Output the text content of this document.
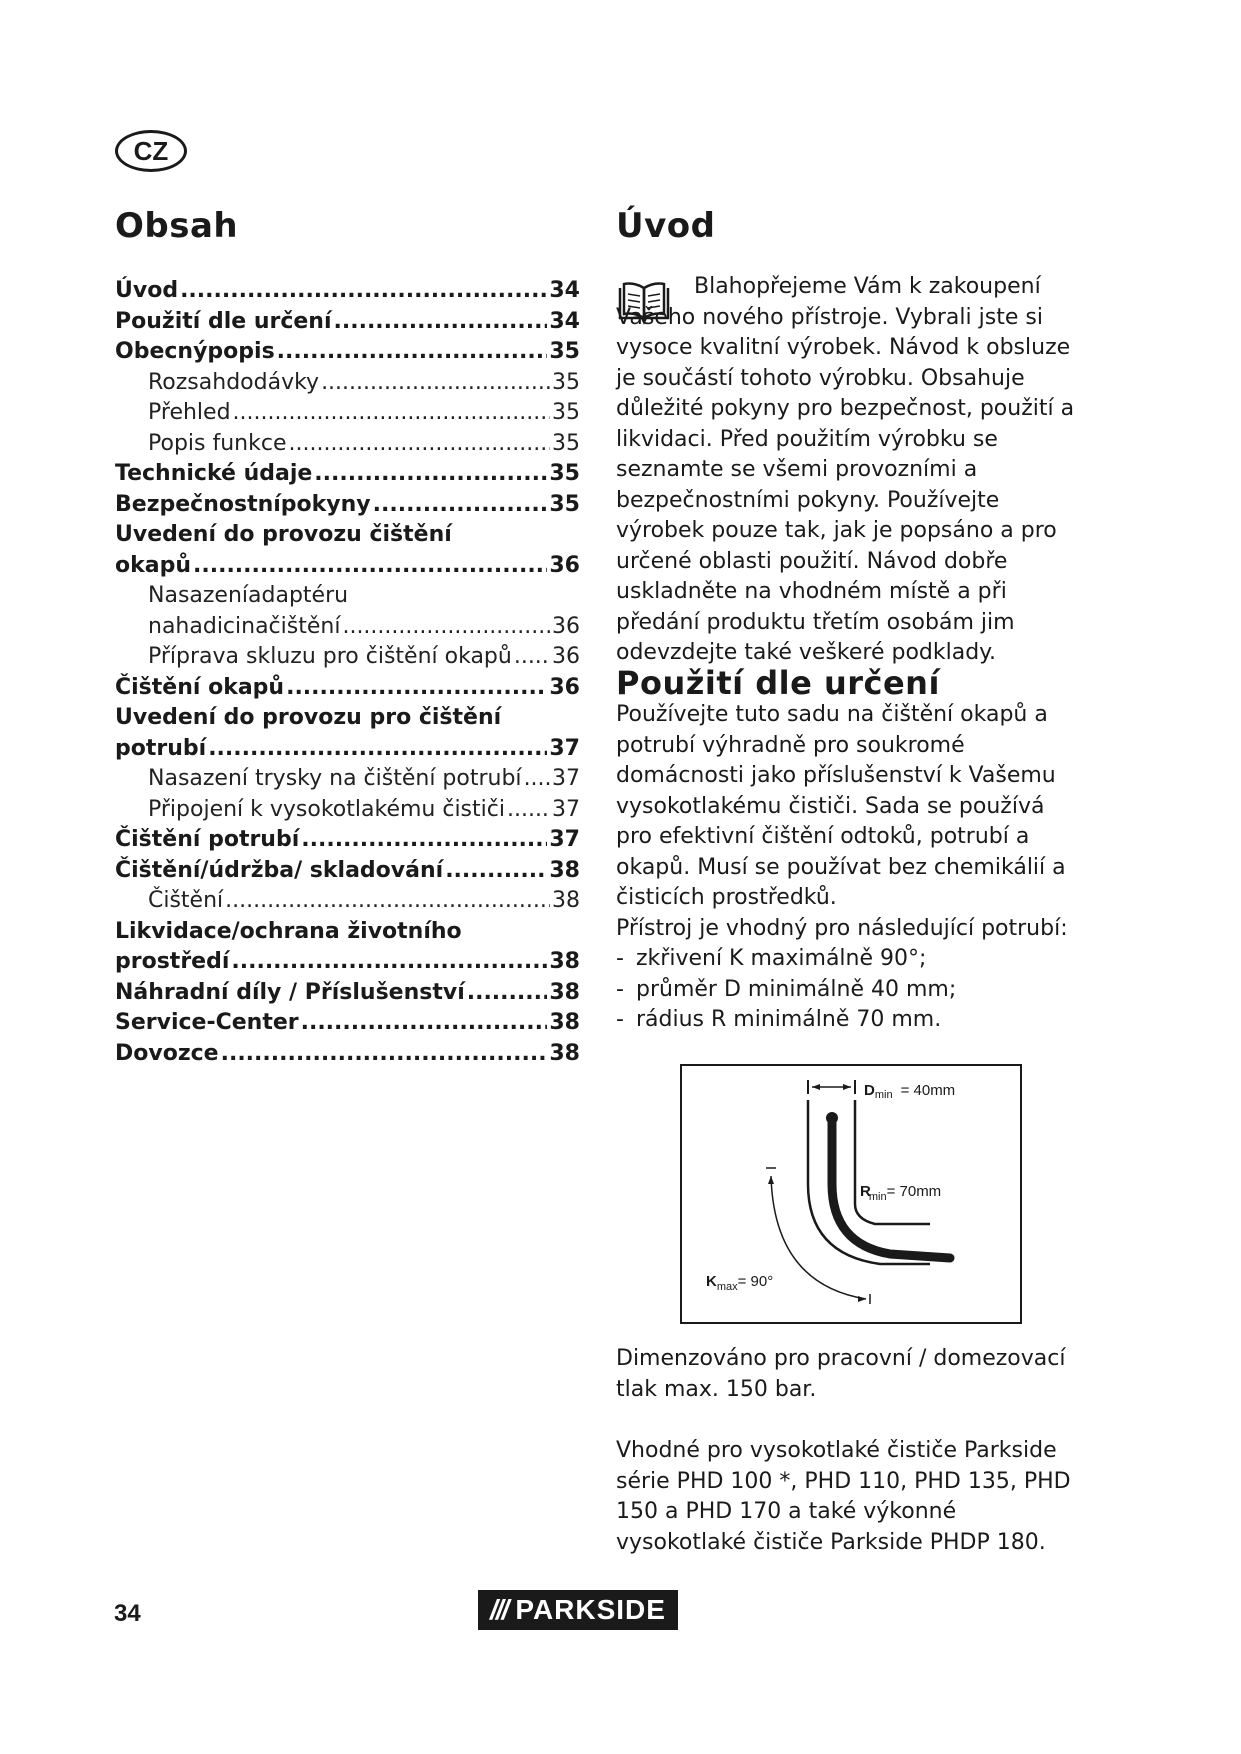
CZ
Obsah
Úvod .....	34
Použití dle určení .....	34
Obecnýpopis .....	35
Rozsahdodávky .....	35
Přehled .....	35
Popis funkce .....	35
Technické údaje .....	35
Bezpečnostnípokyny .....	35
Uvedení do provozu čištění
okapů .....	36
Nasazeníadaptéru
nahadicinačištění .....	36
Příprava skluzu pro čištění okapů ..... 36
Čištění okapů .....	36
Uvedení do provozu pro čištění
potrubí .....	37
Nasazení trysky na čištění potrubí ..... 37
Připojení k vysokotlakému čističi ..... 37
Čištění potrubí .....	37
Čištění/údržba/ skladování .....	38
Čištění .....	38
Likvidace/ochrana životního
prostředí .....	38
Náhradní díly / Příslušenství .....	38
Service-Center .....	38
Dovozce .....	38
Úvod

Blahopřejeme Vám k zakoupení Vašeho nového přístroje. Vybrali jste si vysoce kvalitní výrobek. Návod k obsluze je součástí tohoto výrobku. Obsahuje důležité pokyny pro bezpečnost, použití a likvidaci. Před použitím výrobku se seznamte se všemi provozními a bezpečnostními pokyny. Používejte výrobek pouze tak, jak je popsáno a pro určené oblasti použití. Návod dobře uskladněte na vhodném místě a při předání produktu třetím osobám jim odevzdejte také veškeré podklady.

Použití dle určení

Používejte tuto sadu na čištění okapů a potrubí výhradně pro soukromé domácnosti jako příslušenství k Vašemu vysokotlakému čističi. Sada se používá pro efektivní čištění odtoků, potrubí a okapů. Musí se používat bez chemikálií a čisticích prostředků.

Přístroj je vhodný pro následující potrubí:

- zkřivení K maximálně 90°;
- průměr D minimálně 40 mm;
- rádius R minimálně 70 mm.
$D_{min} = 40mm$
Rmin= 70mm
$K_{max}= 90^\circ$

Dimenzováno pro pracovní / domezovací tlak max. 150 bar.

Vhodné pro vysokotlaké čističe Parkside série PHD 100 *, PHD 110, PHD 135, PHD 150 a PHD 170 a také výkonné vysokotlaké čističe Parkside PHDP 180.

34	/// PARKSIDE
